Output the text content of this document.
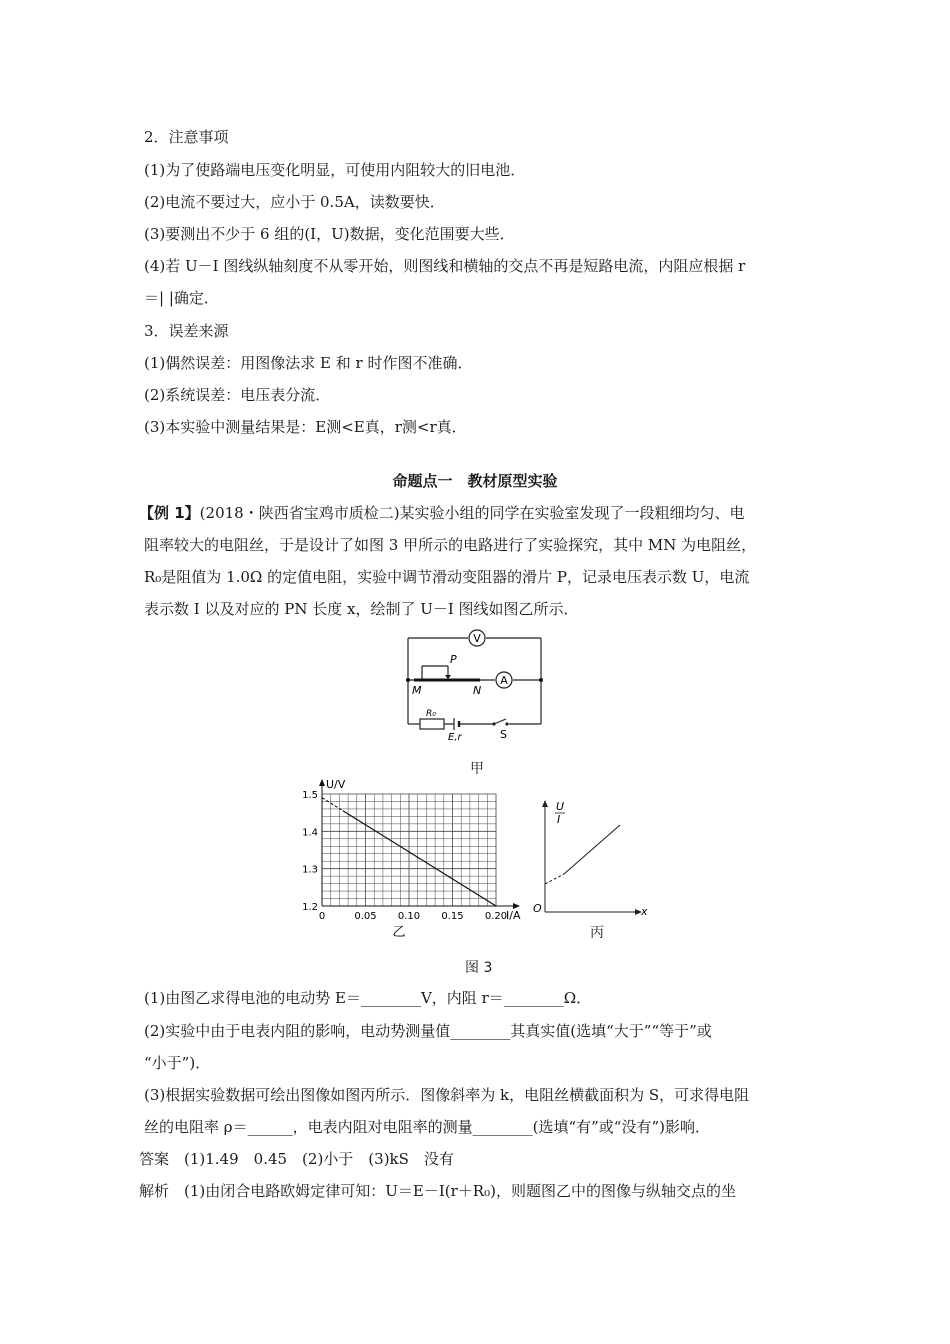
2．注意事项
(1)为了使路端电压变化明显，可使用内阻较大的旧电池．
(2)电流不要过大，应小于 0.5A，读数要快．
(3)要测出不少于 6 组的(I，U)数据，变化范围要大些．
(4)若 U－I 图线纵轴刻度不从零开始，则图线和横轴的交点不再是短路电流，内阻应根据 r
＝| |确定．
3．误差来源
(1)偶然误差：用图像法求 E 和 r 时作图不准确．
(2)系统误差：电压表分流．
(3)本实验中测量结果是：E测<E真，r测<r真．
命题点一　教材原型实验
【例 1】(2018・陕西省宝鸡市质检二)某实验小组的同学在实验室发现了一段粗细均匀、电
阻率较大的电阻丝，于是设计了如图 3 甲所示的电路进行了实验探究，其中 MN 为电阻丝，
R₀是阻值为 1.0Ω 的定值电阻，实验中调节滑动变阻器的滑片 P，记录电压表示数 U，电流
表示数 I 以及对应的 PN 长度 x，绘制了 U－I 图线如图乙所示．
V
A
P
M	N
R₀
E,r	S
甲
1.2
1.3
1.4
1.5
0	0.05 0.10 0.15 0.20
U/V
I/A
乙
U
I
O	x
丙
图 3
(1)由图乙求得电池的电动势 E＝________V，内阻 r＝________Ω．
(2)实验中由于电表内阻的影响，电动势测量值________其真实值(选填“大于”“等于”或
“小于”)．
(3)根据实验数据可绘出图像如图丙所示．图像斜率为 k，电阻丝横截面积为 S，可求得电阻
丝的电阻率 ρ＝______，电表内阻对电阻率的测量________(选填“有”或“没有”)影响．
答案　(1)1.49　0.45　(2)小于　(3)kS　没有
解析　(1)由闭合电路欧姆定律可知：U＝E－I(r＋R₀)，则题图乙中的图像与纵轴交点的坐
